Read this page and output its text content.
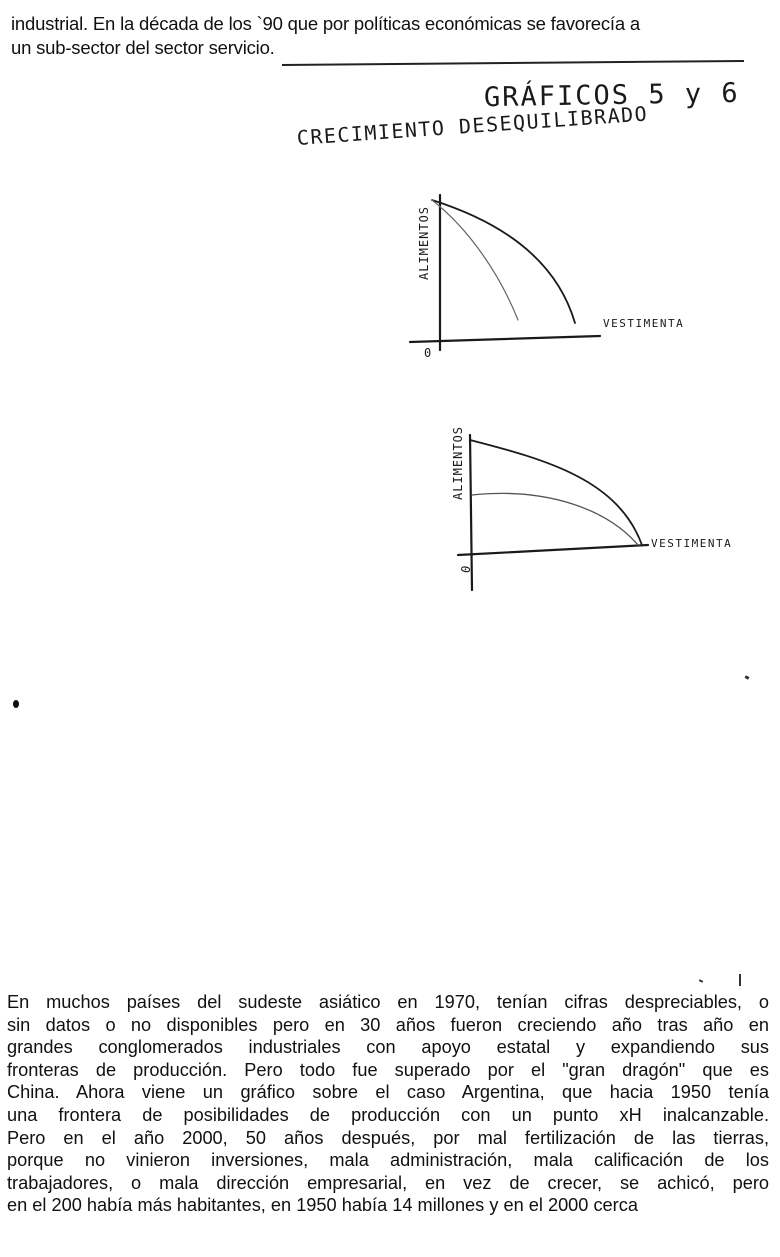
industrial. En la década de los `90 que por políticas económicas se favorecía a
un sub-sector del sector servicio.
GRÁFICOS 5 y 6
CRECIMIENTO DESEQUILIBRADO
ALIMENTOS
VESTIMENTA
0
ALIMENTOS
VESTIMENTA
0
En muchos países del sudeste asiático en 1970, tenían cifras despreciables, o
sin datos o no disponibles pero en 30 años fueron creciendo año tras año en
grandes conglomerados industriales con apoyo estatal y expandiendo sus
fronteras de producción. Pero todo fue superado por el "gran dragón" que es
China. Ahora viene un gráfico sobre el caso Argentina, que hacia 1950 tenía
una frontera de posibilidades de producción con un punto xH inalcanzable.
Pero en el año 2000, 50 años después, por mal fertilización de las tierras,
porque no vinieron inversiones, mala administración, mala calificación de los
trabajadores, o mala dirección empresarial, en vez de crecer, se achicó, pero
en el 200 había más habitantes, en 1950 había 14 millones y en el 2000 cerca
